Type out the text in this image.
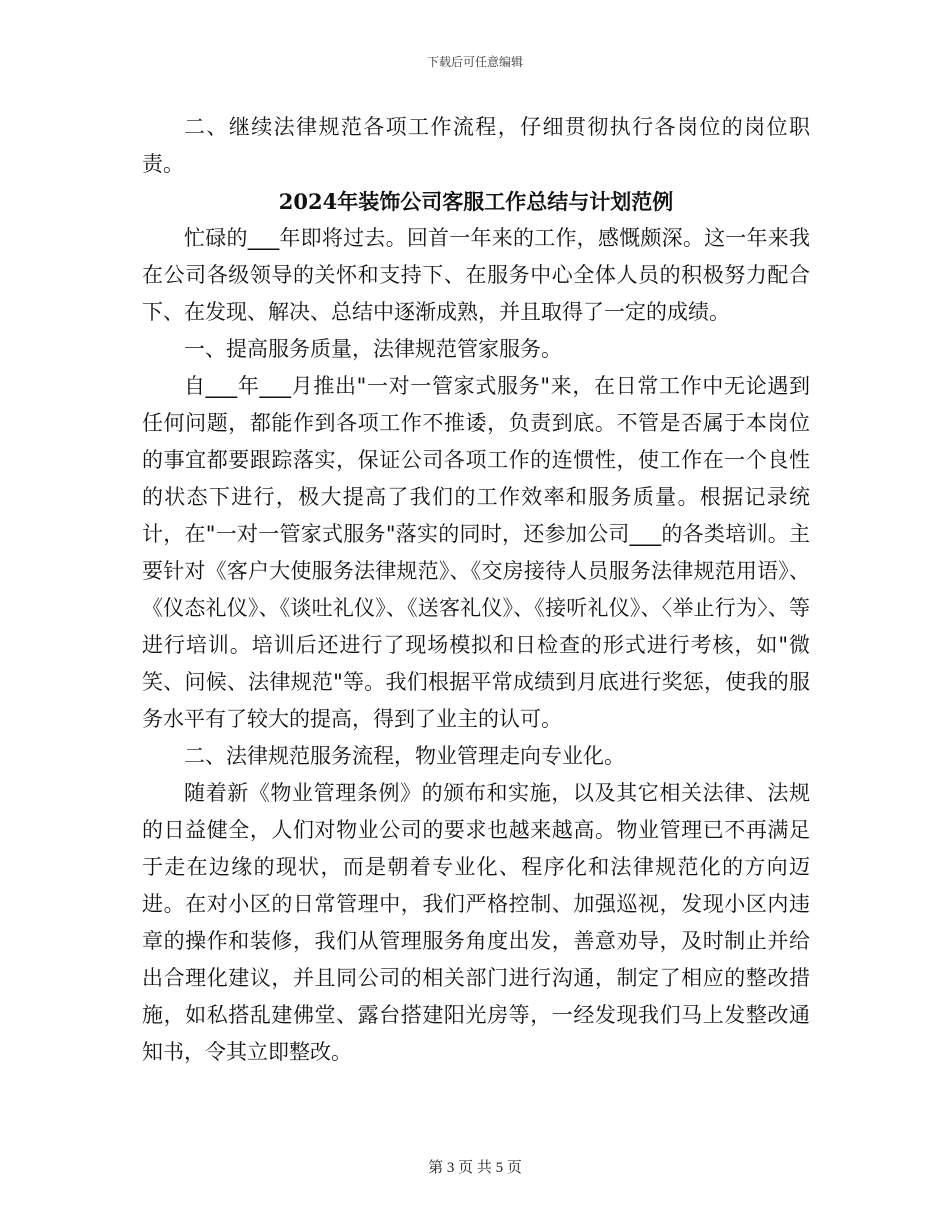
下载后可任意编辑

二、继续法律规范各项工作流程，仔细贯彻执行各岗位的岗位职责。

2024年装饰公司客服工作总结与计划范例

忙碌的___年即将过去。回首一年来的工作，感慨颇深。这一年来我在公司各级领导的关怀和支持下、在服务中心全体人员的积极努力配合下、在发现、解决、总结中逐渐成熟，并且取得了一定的成绩。

一、提高服务质量，法律规范管家服务。

自___年___月推出"一对一管家式服务"来，在日常工作中无论遇到任何问题，都能作到各项工作不推诿，负责到底。不管是否属于本岗位的事宜都要跟踪落实，保证公司各项工作的连惯性，使工作在一个良性的状态下进行，极大提高了我们的工作效率和服务质量。根据记录统计，在"一对一管家式服务"落实的同时，还参加公司___的各类培训。主要针对《客户大使服务法律规范》、《交房接待人员服务法律规范用语》、《仪态礼仪》、《谈吐礼仪》、《送客礼仪》、《接听礼仪》、〈举止行为〉、等进行培训。培训后还进行了现场模拟和日检查的形式进行考核，如"微笑、问候、法律规范"等。我们根据平常成绩到月底进行奖惩，使我的服务水平有了较大的提高，得到了业主的认可。

二、法律规范服务流程，物业管理走向专业化。

随着新《物业管理条例》的颁布和实施，以及其它相关法律、法规的日益健全，人们对物业公司的要求也越来越高。物业管理已不再满足于走在边缘的现状，而是朝着专业化、程序化和法律规范化的方向迈进。在对小区的日常管理中，我们严格控制、加强巡视，发现小区内违章的操作和装修，我们从管理服务角度出发，善意劝导，及时制止并给出合理化建议，并且同公司的相关部门进行沟通，制定了相应的整改措施，如私搭乱建佛堂、露台搭建阳光房等，一经发现我们马上发整改通知书，令其立即整改。

第 3 页 共 5 页
